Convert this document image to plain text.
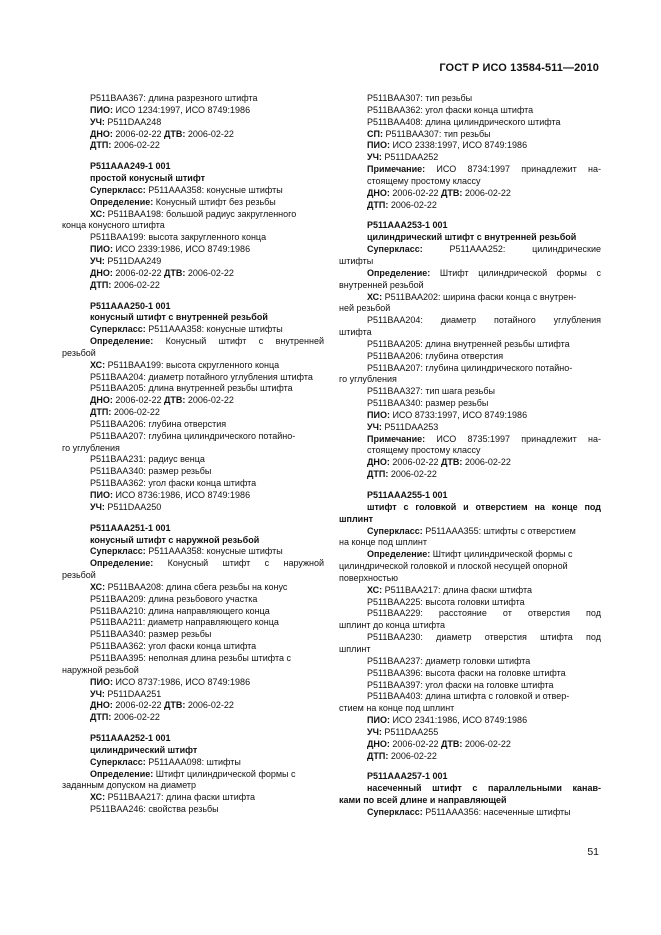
ГОСТ Р ИСО 13584-511—2010
P511BAA367: длина разрезного штифта
ПИО: ИСО 1234:1997, ИСО 8749:1986
УЧ: P511DAA248
ДНО: 2006-02-22 ДТВ: 2006-02-22
ДТП: 2006-02-22
P511AAA249-1 001
простой конусный штифт
Суперкласс: P511AAA358: конусные штифты
Определение: Конусный штифт без резьбы
ХС: P511BAA198: большой радиус закругленного
конца конусного штифта
P511BAA199: высота закругленного конца
ПИО: ИСО 2339:1986, ИСО 8749:1986
УЧ: P511DAA249
ДНО: 2006-02-22 ДТВ: 2006-02-22
ДТП: 2006-02-22
P511AAA250-1 001
конусный штифт с внутренней резьбой
Суперкласс: P511AAA358: конусные штифты
Определение: Конусный штифт с внутренней
резьбой
ХС: P511BAA199: высота скругленного конца
P511BAA204: диаметр потайного углубления штифта
P511BAA205: длина внутренней резьбы штифта
ДНО: 2006-02-22 ДТВ: 2006-02-22
ДТП: 2006-02-22
P511BAA206: глубина отверстия
P511BAA207: глубина цилиндрического потайно-
го углубления
P511BAA231: радиус венца
P511BAA340: размер резьбы
P511BAA362: угол фаски конца штифта
ПИО: ИСО 8736:1986, ИСО 8749:1986
УЧ: P511DAA250
P511AAA251-1 001
конусный штифт с наружной резьбой
Суперкласс: P511AAA358: конусные штифты
Определение: Конусный штифт с наружной
резьбой
ХС: P511BAA208: длина сбега резьбы на конус
P511BAA209: длина резьбового участка
P511BAA210: длина направляющего конца
P511BAA211: диаметр направляющего конца
P511BAA340: размер резьбы
P511BAA362: угол фаски конца штифта
P511BAA395: неполная длина резьбы штифта с
наружной резьбой
ПИО: ИСО 8737:1986, ИСО 8749:1986
УЧ: P511DAA251
ДНО: 2006-02-22 ДТВ: 2006-02-22
ДТП: 2006-02-22
P511AAA252-1 001
цилиндрический штифт
Суперкласс: P511AAA098: штифты
Определение: Штифт цилиндрической формы с
заданным допуском на диаметр
ХС: P511BAA217: длина фаски штифта
P511BAA246: свойства резьбы
P511BAA307: тип резьбы
P511BAA362: угол фаски конца штифта
P511BAA408: длина цилиндрического штифта
СП: P511BAA307: тип резьбы
ПИО: ИСО 2338:1997, ИСО 8749:1986
УЧ: P511DAA252
Примечание: ИСО 8734:1997 принадлежит на-
стоящему простому классу
ДНО: 2006-02-22 ДТВ: 2006-02-22
ДТП: 2006-02-22
P511AAA253-1 001
цилиндрический штифт с внутренней резьбой
Суперкласс: P511AAA252: цилиндрические
штифты
Определение: Штифт цилиндрической формы с
внутренней резьбой
ХС: P511BAA202: ширина фаски конца с внутрен-
ней резьбой
P511BAA204: диаметр потайного углубления
штифта
P511BAA205: длина внутренней резьбы штифта
P511BAA206: глубина отверстия
P511BAA207: глубина цилиндрического потайно-
го углубления
P511BAA327: тип шага резьбы
P511BAA340: размер резьбы
ПИО: ИСО 8733:1997, ИСО 8749:1986
УЧ: P511DAA253
Примечание: ИСО 8735:1997 принадлежит на-
стоящему простому классу
ДНО: 2006-02-22 ДТВ: 2006-02-22
ДТП: 2006-02-22
P511AAA255-1 001
штифт с головкой и отверстием на конце под
шплинт
Суперкласс: P511AAA355: штифты с отверстием
на конце под шплинт
Определение: Штифт цилиндрической формы с
цилиндрической головкой и плоской несущей опорной
поверхностью
ХС: P511BAA217: длина фаски штифта
P511BAA225: высота головки штифта
P511BAA229: расстояние от отверстия под
шплинт до конца штифта
P511BAA230: диаметр отверстия штифта под
шплинт
P511BAA237: диаметр головки штифта
P511BAA396: высота фаски на головке штифта
P511BAA397: угол фаски на головке штифта
P511BAA403: длина штифта с головкой и отвер-
стием на конце под шплинт
ПИО: ИСО 2341:1986, ИСО 8749:1986
УЧ: P511DAA255
ДНО: 2006-02-22 ДТВ: 2006-02-22
ДТП: 2006-02-22
P511AAA257-1 001
насеченный штифт с параллельными канав-
ками по всей длине и направляющей
Суперкласс: P511AAA356: насеченные штифты
51
